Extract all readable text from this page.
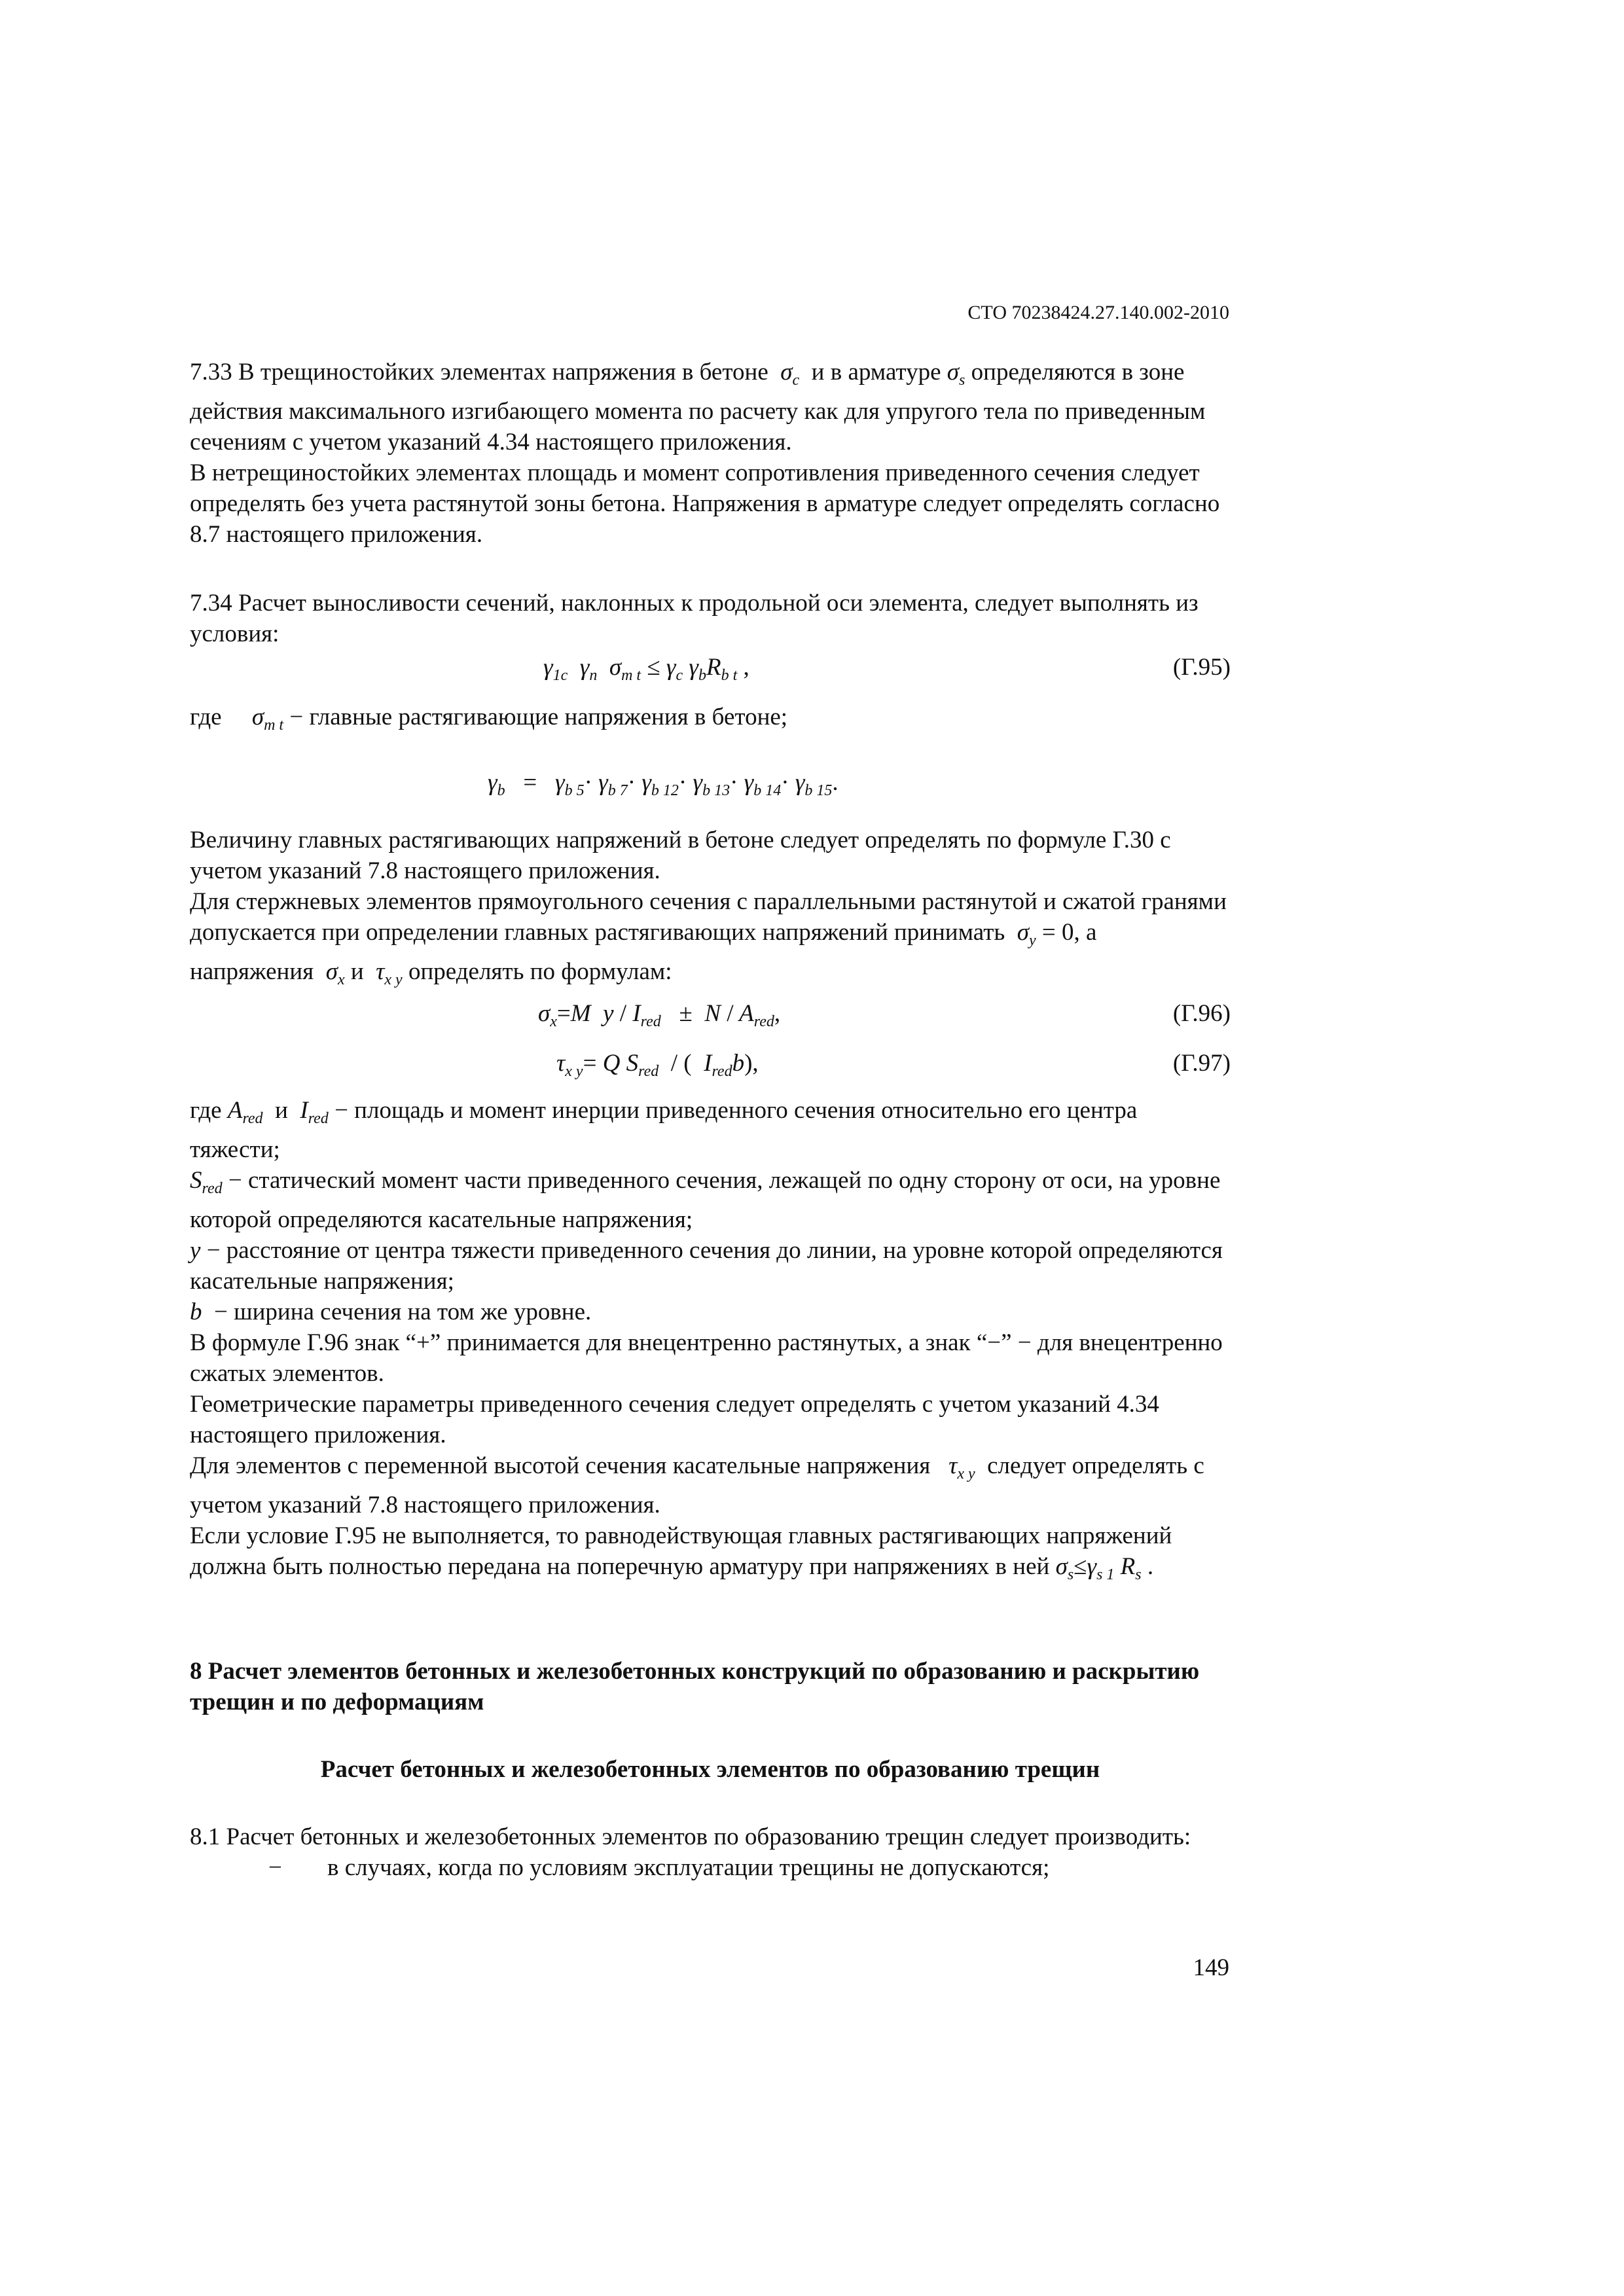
СТО 70238424.27.140.002-2010

7.33 В трещиностойких элементах напряжения в бетоне $\sigma_c$ и в арматуре $\sigma_s$ определяются в зоне действия максимального изгибающего момента по расчету как для упругого тела по приведенным сечениям с учетом указаний 4.34 настоящего приложения.

В нетрещиностойких элементах площадь и момент сопротивления приведенного сечения следует определять без учета растянутой зоны бетона. Напряжения в арматуре следует определять согласно 8.7 настоящего приложения.

7.34 Расчет выносливости сечений, наклонных к продольной оси элемента, следует выполнять из условия:

$\gamma_{1c}$ $\gamma_n$ $\sigma_{m t} \le \gamma_c$ $\gamma_bR_{b t}$ ,	(Г.95)

где $\sigma_{m t}$ − главные растягивающие напряжения в бетоне;

$\gamma_b = \gamma_{b 5}\cdot \gamma_{b 7}\cdot \gamma_{b 12}\cdot \gamma_{b 13}\cdot \gamma_{b 14}\cdot \gamma_{b 15}$.

Величину главных растягивающих напряжений в бетоне следует определять по формуле Г.30 с учетом указаний 7.8 настоящего приложения.

Для стержневых элементов прямоугольного сечения с параллельными растянутой и сжатой гранями допускается при определении главных растягивающих напряжений принимать $\sigma_y = 0$, а напряжения $\sigma_x$ и $\tau_{x y}$ определять по формулам:

$\sigma_x=M$ $y / I_{red} \pm N / A_{red}$,	(Г.96)
$\tau_{x y}= Q$ $S_{red}$ / ( $I_{red}b$),	(Г.97)

где $A_{red}$ и $I_{red}$ − площадь и момент инерции приведенного сечения относительно его центра тяжести;

$S_{red}$ − статический момент части приведенного сечения, лежащей по одну сторону от оси, на уровне которой определяются касательные напряжения;

y − расстояние от центра тяжести приведенного сечения до линии, на уровне которой определяются касательные напряжения;

b − ширина сечения на том же уровне.

В формуле Г.96 знак “+” принимается для внецентренно растянутых, а знак “−” − для внецентренно сжатых элементов.

Геометрические параметры приведенного сечения следует определять с учетом указаний 4.34 настоящего приложения.

Для элементов с переменной высотой сечения касательные напряжения $\tau_{x y}$ следует определять с учетом указаний 7.8 настоящего приложения.

Если условие Г.95 не выполняется, то равнодействующая главных растягивающих напряжений должна быть полностью передана на поперечную арматуру при напряжениях в ней $\sigma_s\le\gamma_{s 1}$ $R_s$ .

8 Расчет элементов бетонных и железобетонных конструкций по образованию и раскрытию трещин и по деформациям

Расчет бетонных и железобетонных элементов по образованию трещин

8.1 Расчет бетонных и железобетонных элементов по образованию трещин следует производить:

− в случаях, когда по условиям эксплуатации трещины не допускаются;

149
